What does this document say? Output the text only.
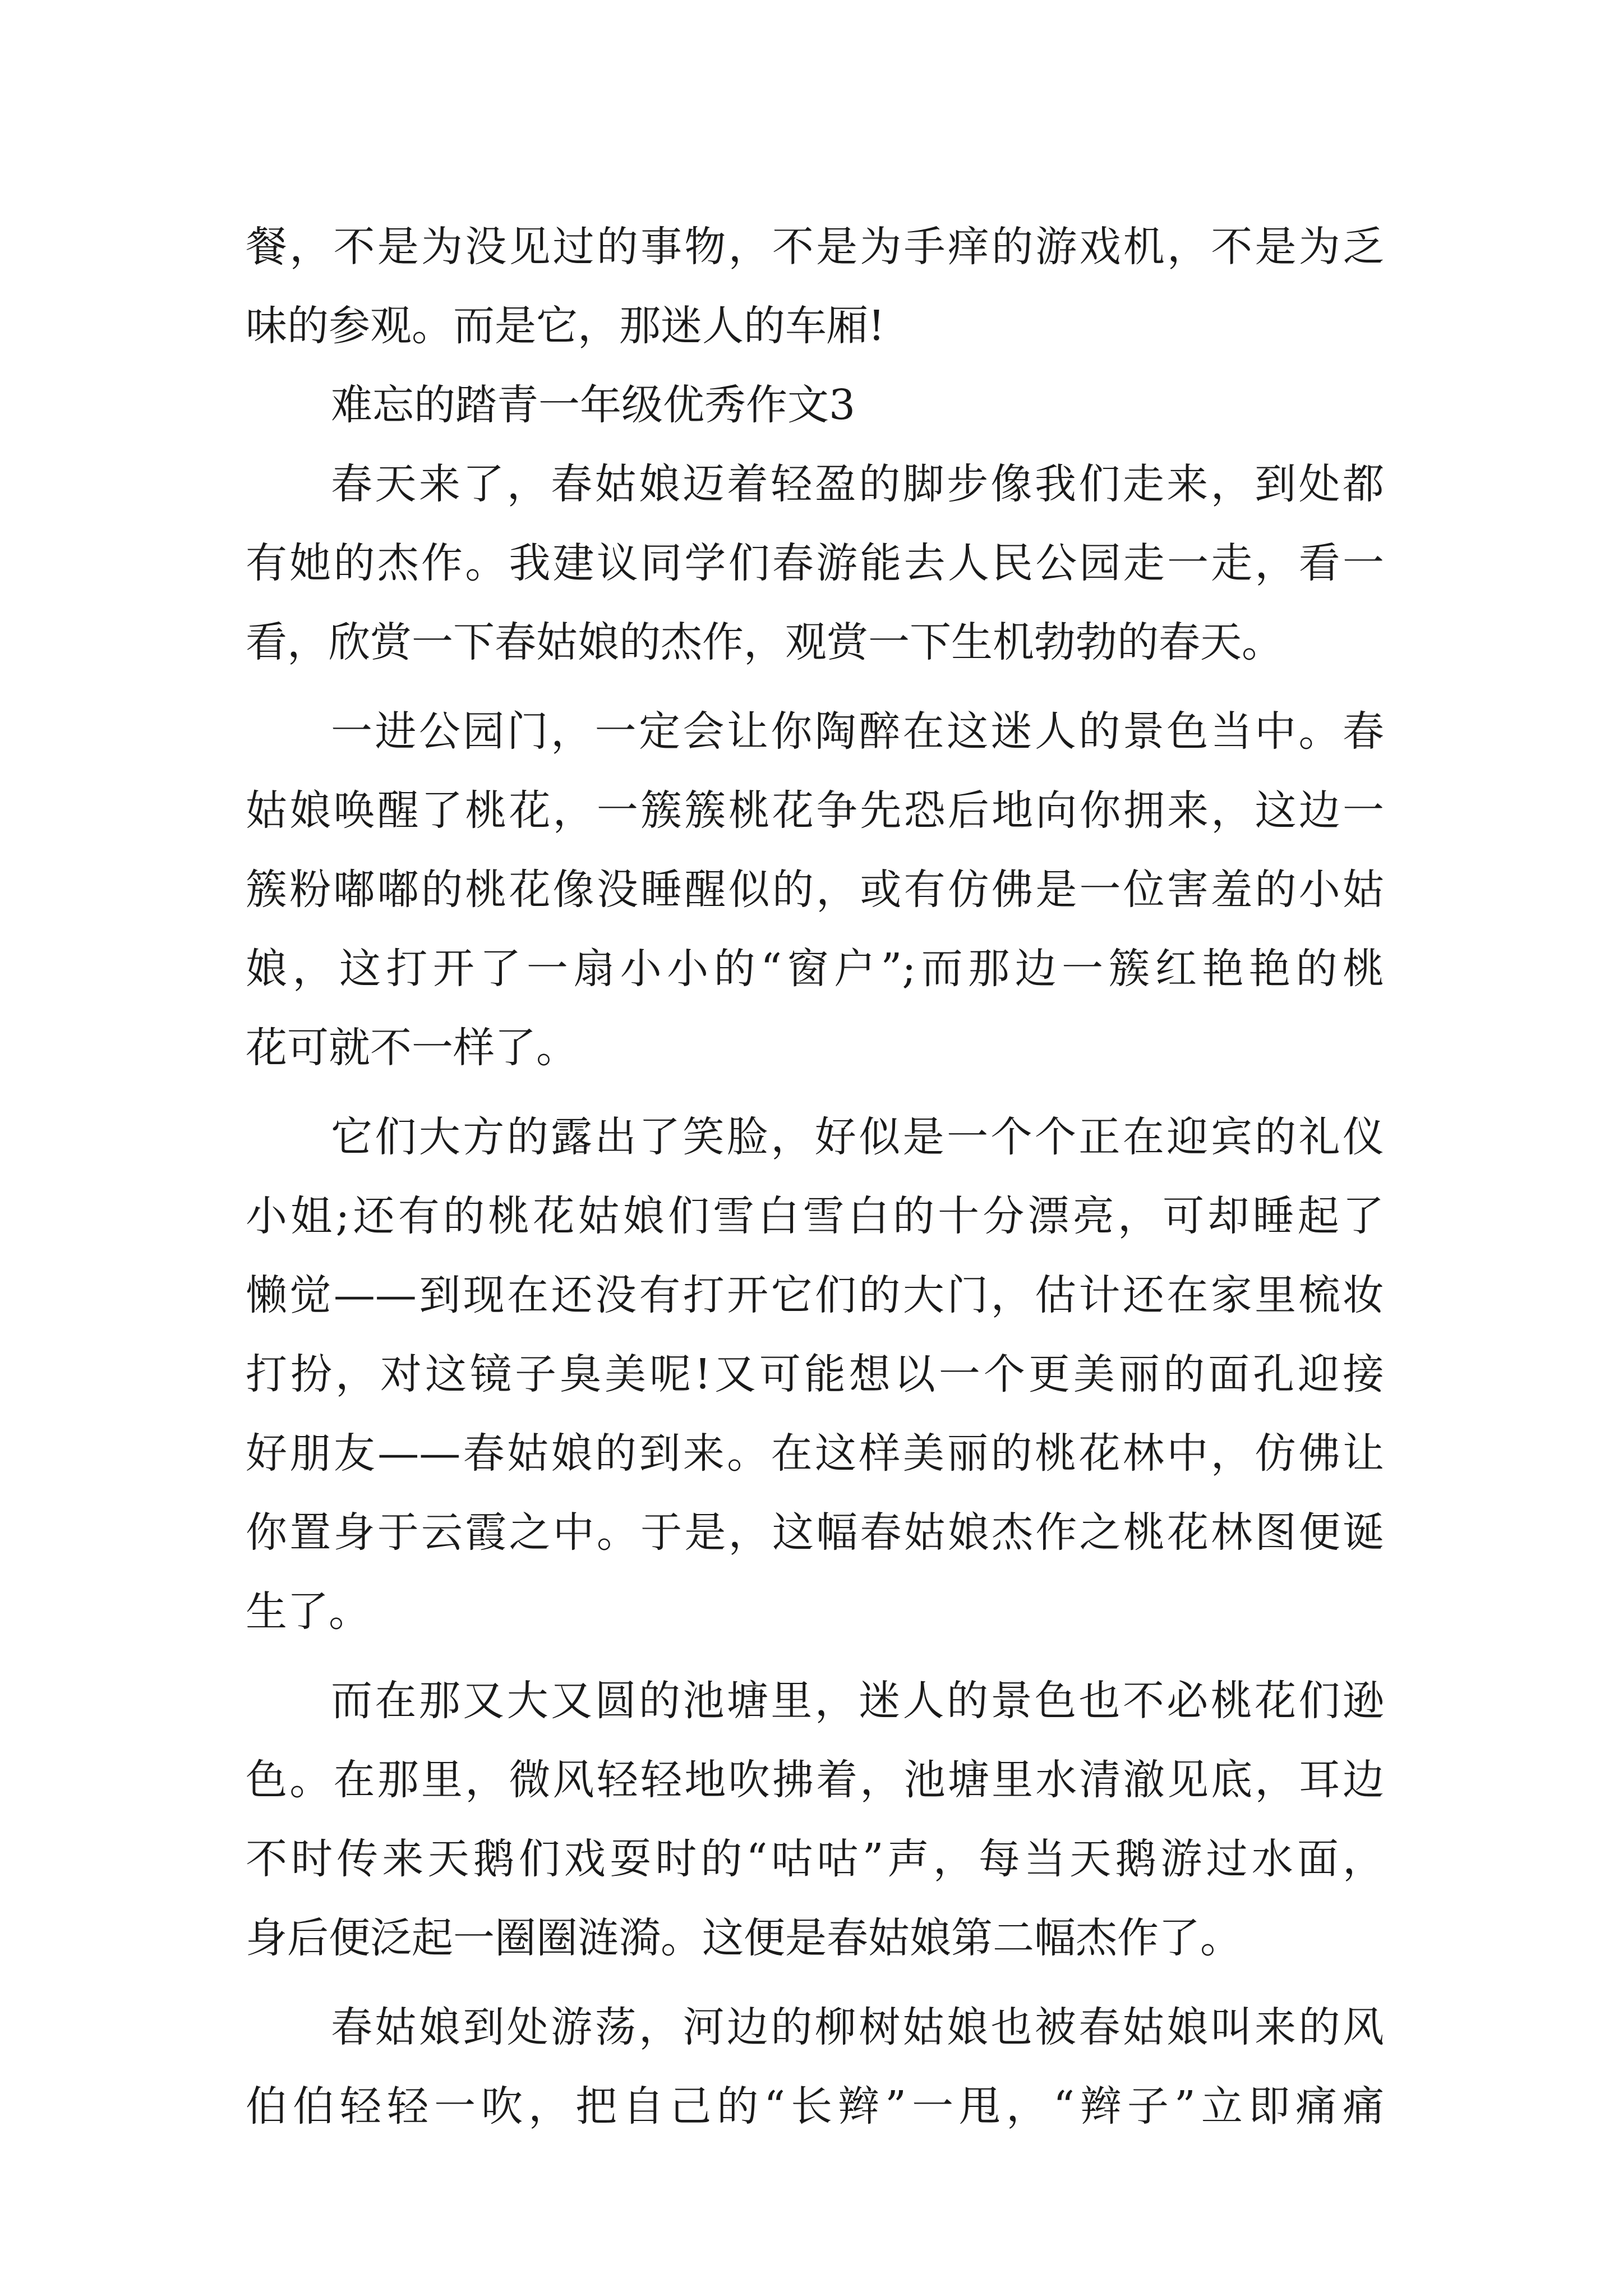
餐，不是为没见过的事物，不是为手痒的游戏机，不是为乏
味的参观。而是它，那迷人的车厢!
难忘的踏青一年级优秀作文3
春天来了，春姑娘迈着轻盈的脚步像我们走来，到处都
有她的杰作。我建议同学们春游能去人民公园走一走，看一
看，欣赏一下春姑娘的杰作，观赏一下生机勃勃的春天。
一进公园门，一定会让你陶醉在这迷人的景色当中。春
姑娘唤醒了桃花，一簇簇桃花争先恐后地向你拥来，这边一
簇粉嘟嘟的桃花像没睡醒似的，或有仿佛是一位害羞的小姑
娘，这打开了一扇小小的“窗户”;而那边一簇红艳艳的桃
花可就不一样了。
它们大方的露出了笑脸，好似是一个个正在迎宾的礼仪
小姐;还有的桃花姑娘们雪白雪白的十分漂亮，可却睡起了
懒觉——到现在还没有打开它们的大门，估计还在家里梳妆
打扮，对这镜子臭美呢!又可能想以一个更美丽的面孔迎接
好朋友——春姑娘的到来。在这样美丽的桃花林中，仿佛让
你置身于云霞之中。于是，这幅春姑娘杰作之桃花林图便诞
生了。
而在那又大又圆的池塘里，迷人的景色也不必桃花们逊
色。在那里，微风轻轻地吹拂着，池塘里水清澈见底，耳边
不时传来天鹅们戏耍时的“咕咕”声，每当天鹅游过水面，
身后便泛起一圈圈涟漪。这便是春姑娘第二幅杰作了。
春姑娘到处游荡，河边的柳树姑娘也被春姑娘叫来的风
伯伯轻轻一吹，把自己的“长辫”一甩，“辫子”立即痛痛
